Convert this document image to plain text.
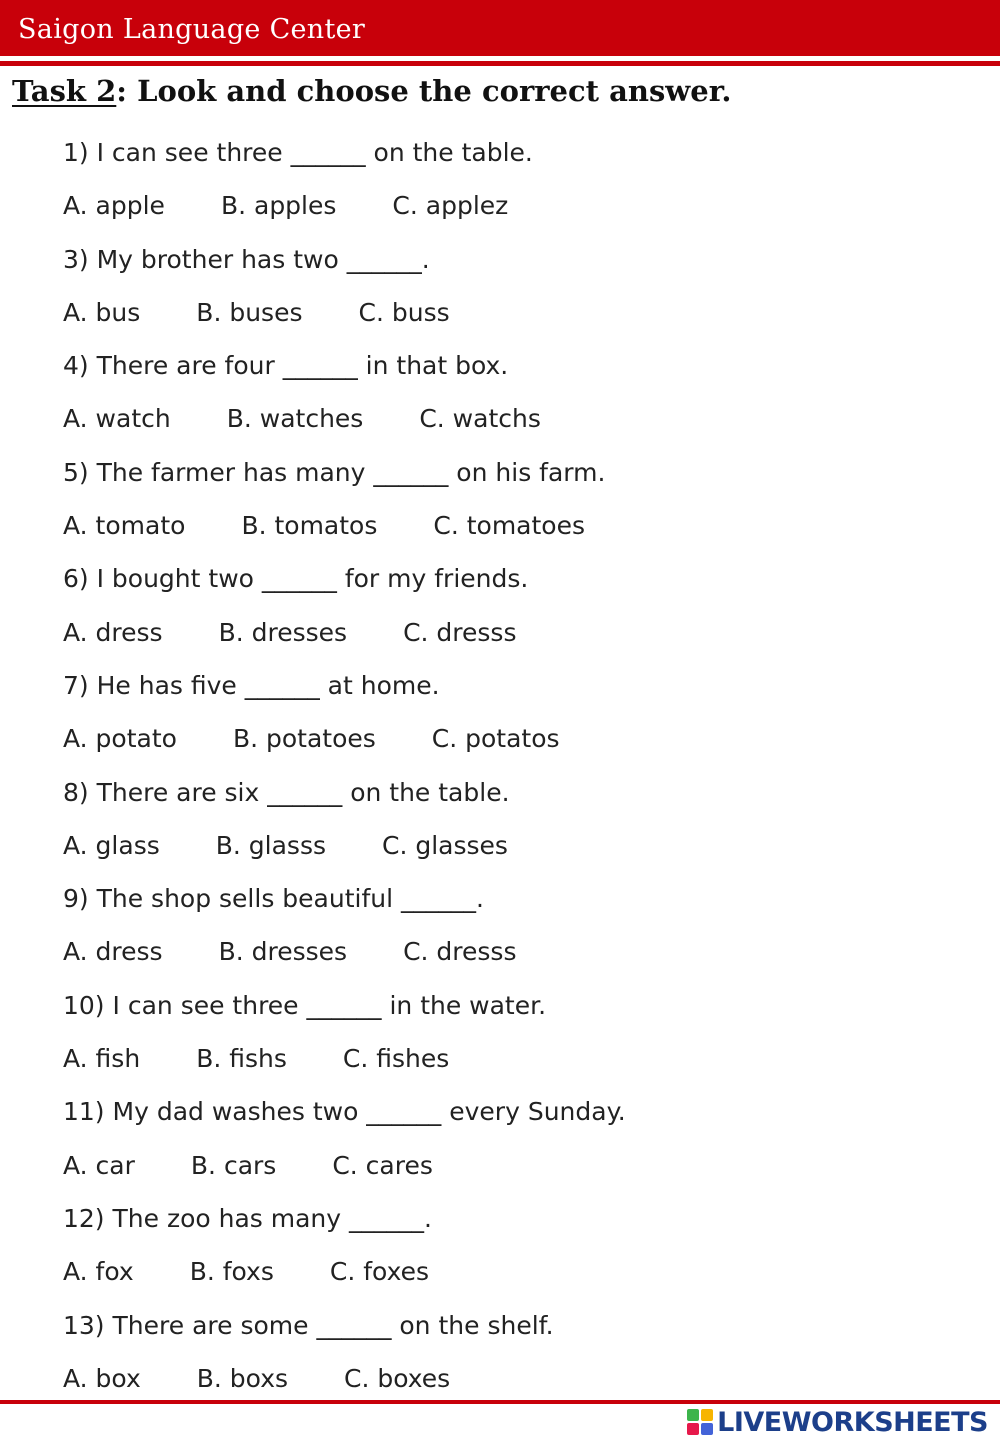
Saigon Language Center
Task 2: Look and choose the correct answer.
1) I can see three ______ on the table.
A. apple B. apples C. applez
3) My brother has two ______.
A. bus B. buses C. buss
4) There are four ______ in that box.
A. watch B. watches C. watchs
5) The farmer has many ______ on his farm.
A. tomato B. tomatos C. tomatoes
6) I bought two ______ for my friends.
A. dress B. dresses C. dresss
7) He has five ______ at home.
A. potato B. potatoes C. potatos
8) There are six ______ on the table.
A. glass B. glasss C. glasses
9) The shop sells beautiful ______.
A. dress B. dresses C. dresss
10) I can see three ______ in the water.
A. fish B. fishs C. fishes
11) My dad washes two ______ every Sunday.
A. car B. cars C. cares
12) The zoo has many ______.
A. fox B. foxs C. foxes
13) There are some ______ on the shelf.
A. box B. boxs C. boxes
LIVEWORKSHEETS
